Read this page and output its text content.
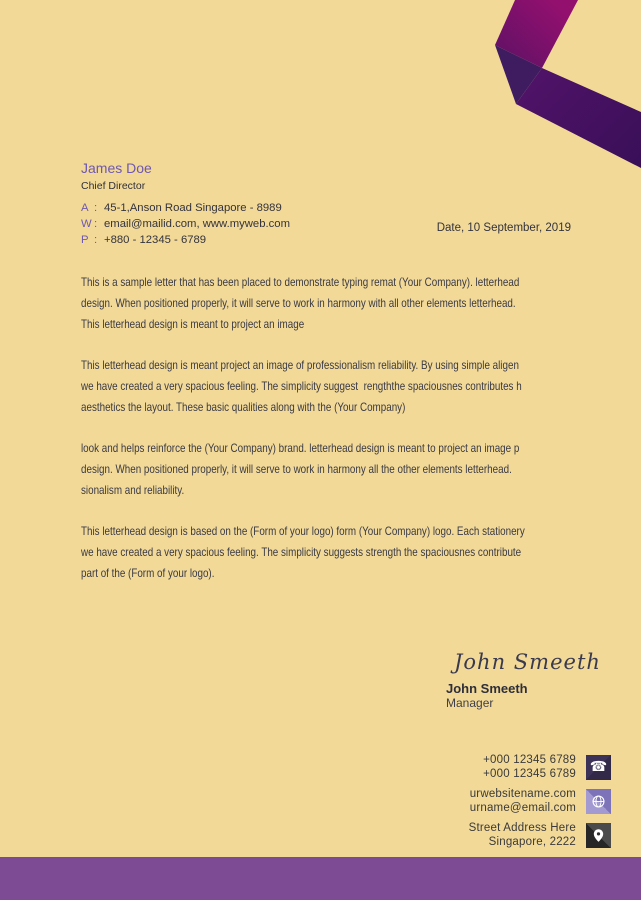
James Doe
Chief Director
A : 45-1,Anson Road Singapore - 8989
W : email@mailid.com, www.myweb.com
P : +880 - 12345 - 6789
Date, 10 September, 2019

This is a sample letter that has been placed to demonstrate typing remat (Your Company). letterhead
design. When positioned properly, it will serve to work in harmony with all other elements letterhead.
This letterhead design is meant to project an image

This letterhead design is meant project an image of professionalism reliability. By using simple aligen
we have created a very spacious feeling. The simplicity suggest  rengththe spaciousnes contributes h
aesthetics the layout. These basic qualities along with the (Your Company)

look and helps reinforce the (Your Company) brand. letterhead design is meant to project an image p
design. When positioned properly, it will serve to work in harmony all the other elements letterhead.
sionalism and reliability.

This letterhead design is based on the (Form of your logo) form (Your Company) logo. Each stationery
we have created a very spacious feeling. The simplicity suggests strength the spaciousnes contribute
part of the (Form of your logo).

John Smeeth
John Smeeth
Manager
+000 12345 6789
+000 12345 6789 ☎
urwebsitename.com
urname@email.com
Street Address Here
Singapore, 2222
